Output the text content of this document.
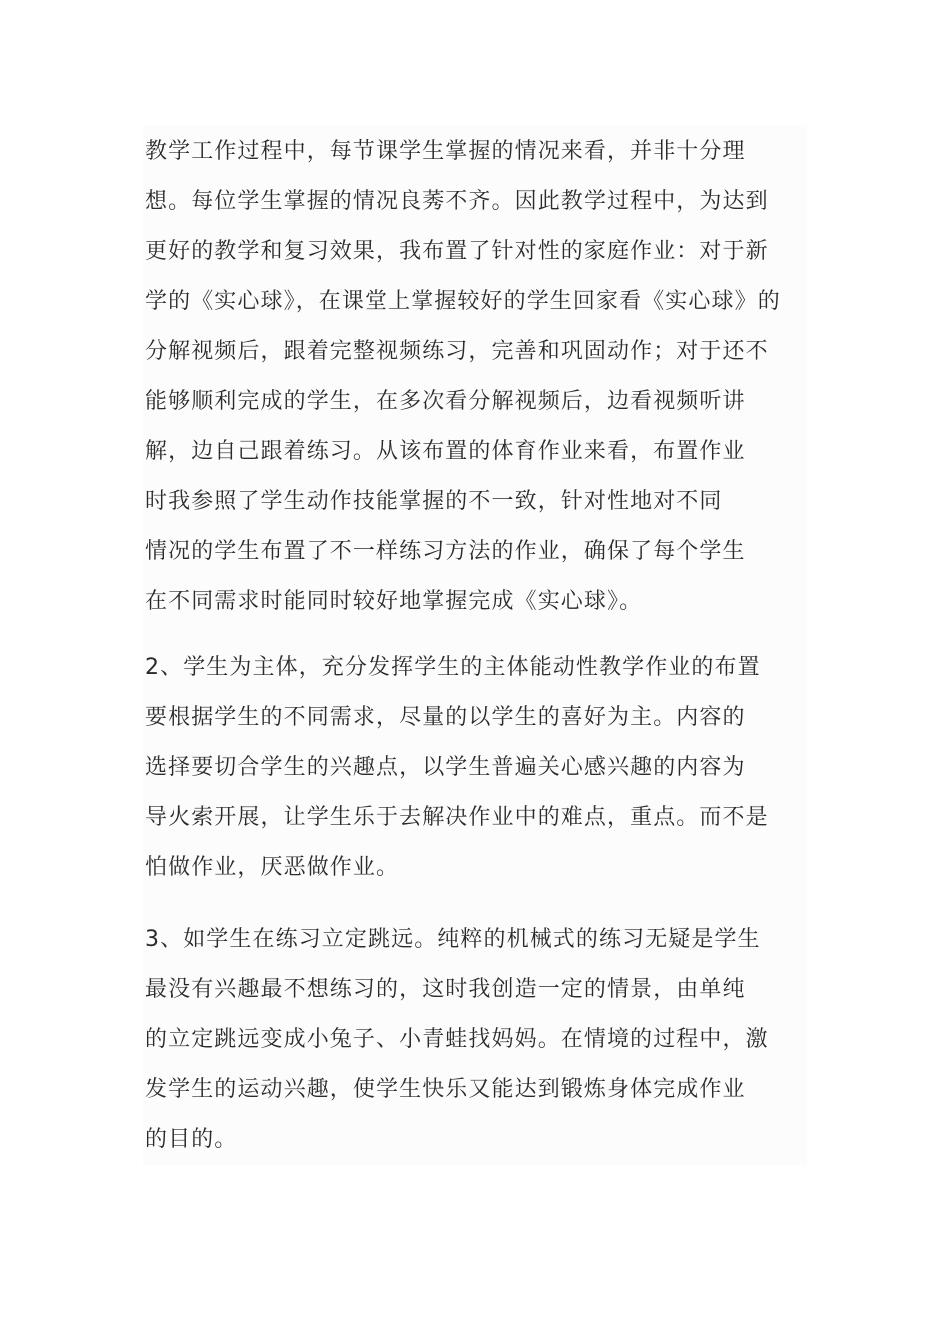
教学工作过程中，每节课学生掌握的情况来看，并非十分理
想。每位学生掌握的情况良莠不齐。因此教学过程中，为达到
更好的教学和复习效果，我布置了针对性的家庭作业：对于新
学的《实心球》，在课堂上掌握较好的学生回家看《实心球》的
分解视频后，跟着完整视频练习，完善和巩固动作；对于还不
能够顺利完成的学生，在多次看分解视频后，边看视频听讲
解，边自己跟着练习。从该布置的体育作业来看，布置作业
时我参照了学生动作技能掌握的不一致，针对性地对不同
情况的学生布置了不一样练习方法的作业，确保了每个学生
在不同需求时能同时较好地掌握完成《实心球》。
2、学生为主体，充分发挥学生的主体能动性教学作业的布置
要根据学生的不同需求，尽量的以学生的喜好为主。内容的
选择要切合学生的兴趣点，以学生普遍关心感兴趣的内容为
导火索开展，让学生乐于去解决作业中的难点，重点。而不是
怕做作业，厌恶做作业。
3、如学生在练习立定跳远。纯粹的机械式的练习无疑是学生
最没有兴趣最不想练习的，这时我创造一定的情景，由单纯
的立定跳远变成小兔子、小青蛙找妈妈。在情境的过程中，激
发学生的运动兴趣，使学生快乐又能达到锻炼身体完成作业
的目的。
